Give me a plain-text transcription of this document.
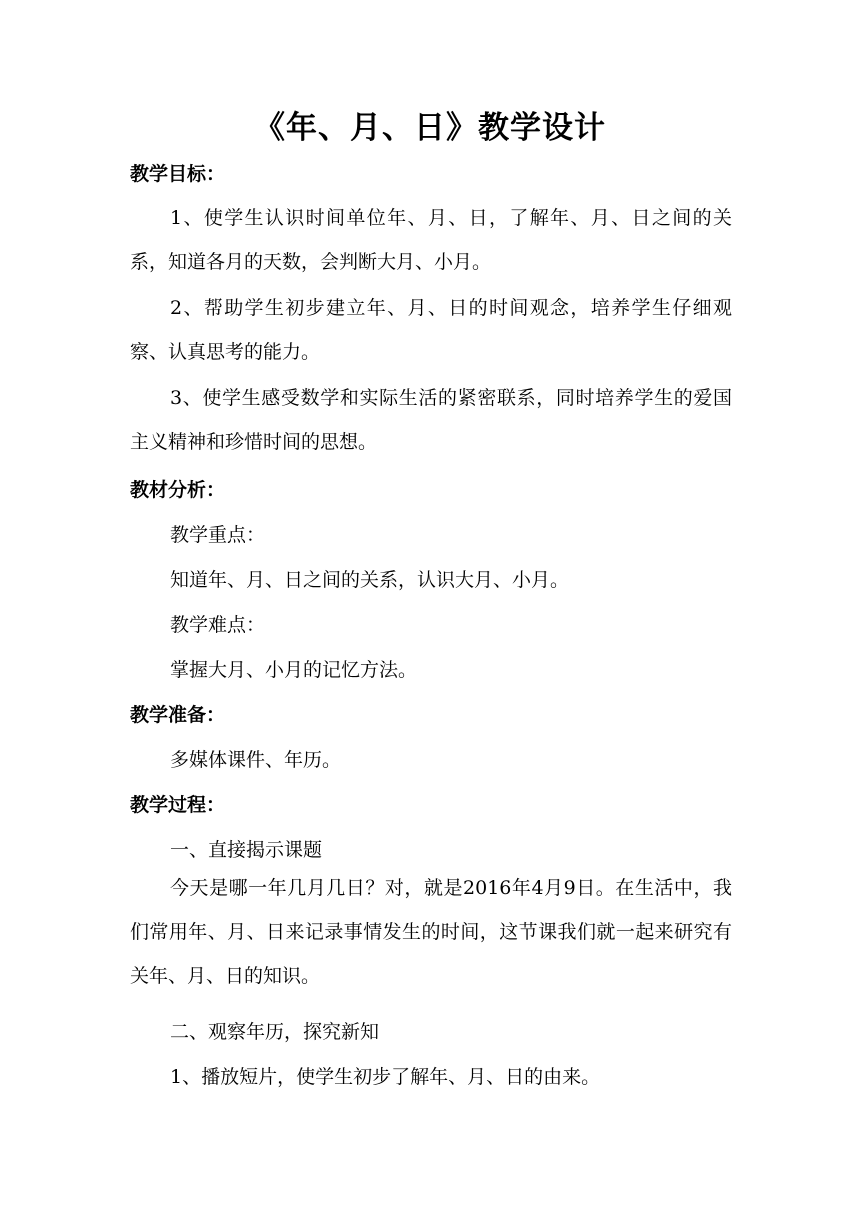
《年、月、日》教学设计
教学目标：
1、使学生认识时间单位年、月、日，了解年、月、日之间的关系，知道各月的天数，会判断大月、小月。
2、帮助学生初步建立年、月、日的时间观念，培养学生仔细观察、认真思考的能力。
3、使学生感受数学和实际生活的紧密联系，同时培养学生的爱国主义精神和珍惜时间的思想。
教材分析：
教学重点：
知道年、月、日之间的关系，认识大月、小月。
教学难点：
掌握大月、小月的记忆方法。
教学准备：
多媒体课件、年历。
教学过程：
一、直接揭示课题
今天是哪一年几月几日？对，就是2016年4月9日。在生活中，我们常用年、月、日来记录事情发生的时间，这节课我们就一起来研究有关年、月、日的知识。
二、观察年历，探究新知
1、播放短片，使学生初步了解年、月、日的由来。
